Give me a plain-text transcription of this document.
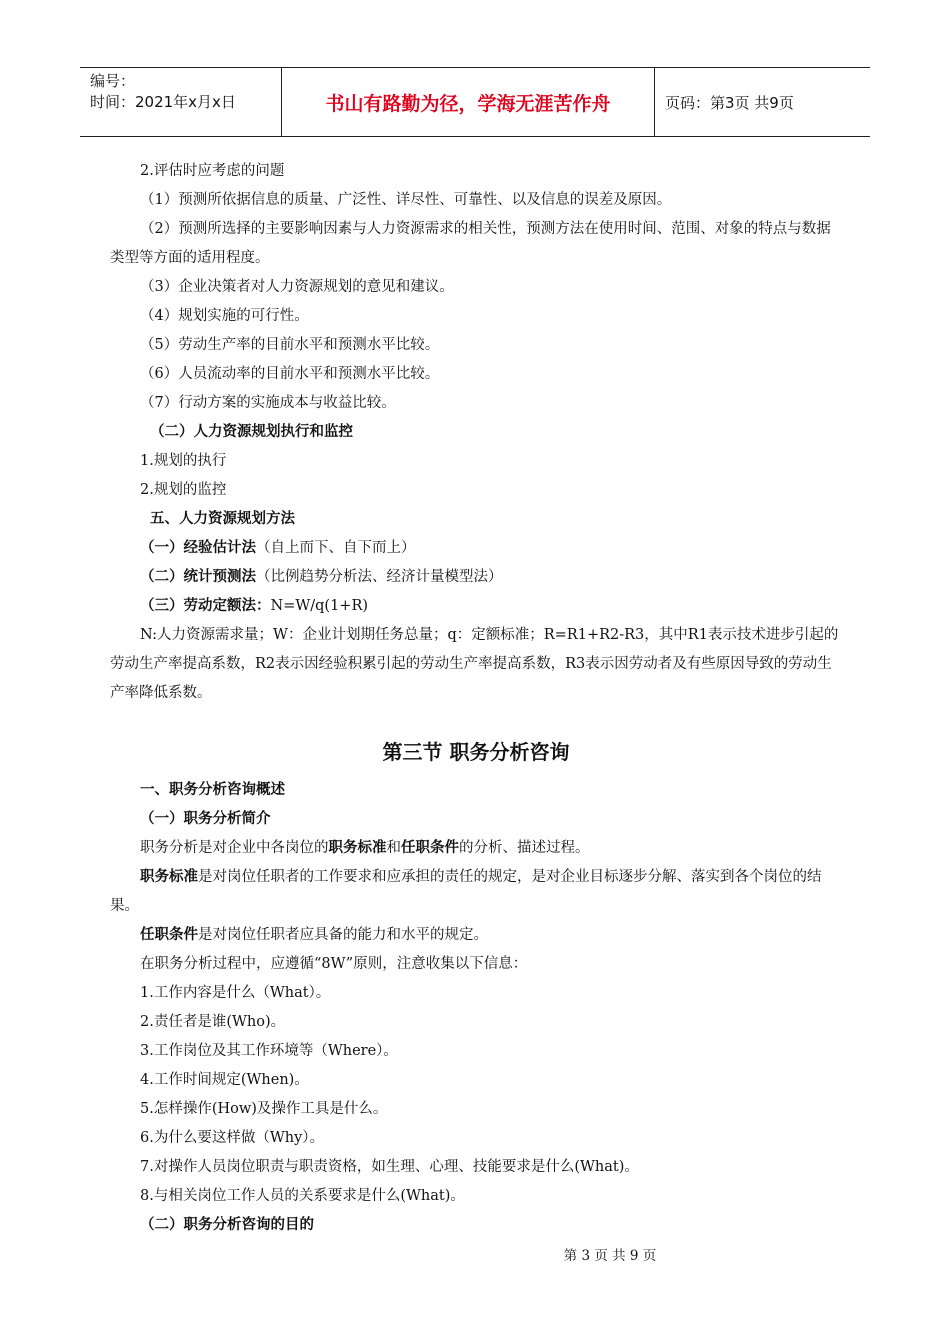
编号：
时间：2021年x月x日	书山有路勤为径，学海无涯苦作舟	页码：第3页 共9页

2.评估时应考虑的问题

（1）预测所依据信息的质量、广泛性、详尽性、可靠性、以及信息的误差及原因。

（2）预测所选择的主要影响因素与人力资源需求的相关性，预测方法在使用时间、范围、对象的特点与数据类型等方面的适用程度。

（3）企业决策者对人力资源规划的意见和建议。

（4）规划实施的可行性。

（5）劳动生产率的目前水平和预测水平比较。

（6）人员流动率的目前水平和预测水平比较。

（7）行动方案的实施成本与收益比较。

（二）人力资源规划执行和监控

1.规划的执行

2.规划的监控

五、人力资源规划方法

（一）经验估计法（自上而下、自下而上）

（二）统计预测法（比例趋势分析法、经济计量模型法）

（三）劳动定额法：N=W/q(1+R)

N:人力资源需求量；W：企业计划期任务总量；q：定额标准；R=R1+R2-R3，其中R1表示技术进步引起的劳动生产率提高系数，R2表示因经验积累引起的劳动生产率提高系数，R3表示因劳动者及有些原因导致的劳动生产率降低系数。

第三节 职务分析咨询

一、职务分析咨询概述

（一）职务分析简介

职务分析是对企业中各岗位的职务标准和任职条件的分析、描述过程。

职务标准是对岗位任职者的工作要求和应承担的责任的规定，是对企业目标逐步分解、落实到各个岗位的结果。

任职条件是对岗位任职者应具备的能力和水平的规定。

在职务分析过程中，应遵循“8W”原则，注意收集以下信息：

1.工作内容是什么（What）。

2.责任者是谁(Who)。

3.工作岗位及其工作环境等（Where）。

4.工作时间规定(When)。

5.怎样操作(How)及操作工具是什么。

6.为什么要这样做（Why）。

7.对操作人员岗位职责与职责资格，如生理、心理、技能要求是什么(What)。

8.与相关岗位工作人员的关系要求是什么(What)。

（二）职务分析咨询的目的

第 3 页 共 9 页
